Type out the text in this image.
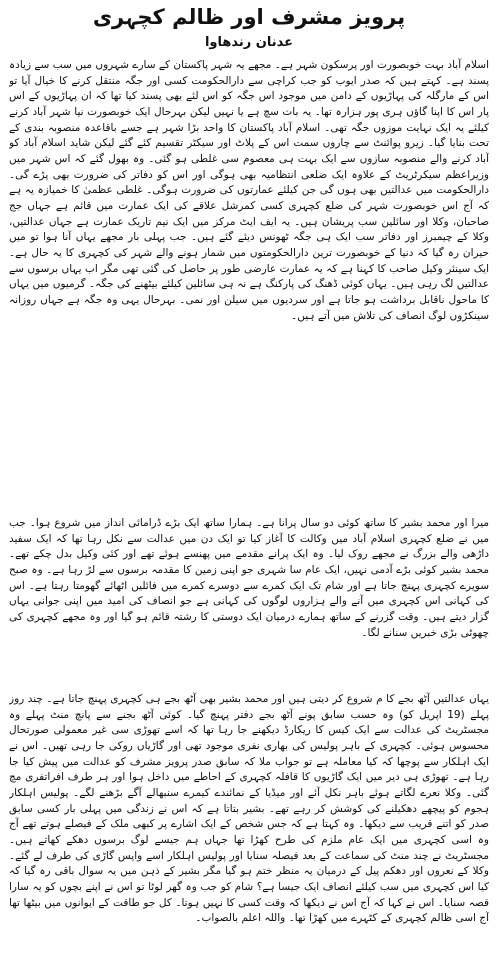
پرویز مشرف اور ظالم کچہری
عدنان رندھاوا

اسلام آباد بہت خوبصورت اور پرسکون شہر ہے۔ مجھے یہ شہر پاکستان کے سارے شہروں میں سب سے زیادہ پسند ہے۔ کہتے ہیں کہ صدر ایوب کو جب کراچی سے دارالحکومت کسی اور جگہ منتقل کرنے کا خیال آیا تو اس کے مارگلہ کی پہاڑیوں کے دامن میں موجود اس جگہ کو اس لئے بھی پسند کیا تھا کہ ان پہاڑیوں کے اس پار اس کا اپنا گاؤں ہری پور ہزارہ تھا۔ یہ بات سچ ہے یا نہیں لیکن بہرحال ایک خوبصورت نیا شہر آباد کرنے کیلئے یہ ایک نہایت موزوں جگہ تھی۔ اسلام آباد پاکستان کا واحد بڑا شہر ہے جسے باقاعدہ منصوبہ بندی کے تحت بنایا گیا۔ زیرو پوائنٹ سے چاروں سمت اس کے پلاٹ اور سیکٹر تقسیم کئے گئے لیکن شاید اسلام آباد کو آباد کرنے والے منصوبہ سازوں سے ایک بہت ہی معصوم سی غلطی ہو گئی۔ وہ بھول گئے کہ اس شہر میں وزیراعظم سیکرٹریٹ کے علاوہ ایک ضلعی انتظامیہ بھی ہوگی اور اس کو دفاتر کی ضرورت بھی پڑے گی۔ دارالحکومت میں عدالتیں بھی ہوں گی جن کیلئے عمارتوں کی ضرورت ہوگی۔ غلطی عظمیٰ کا خمیازہ یہ ہے کہ آج اس خوبصورت شہر کی ضلع کچہری کسی کمرشل علاقے کی ایک عمارت میں قائم ہے جہاں جج صاحبان، وکلا اور سائلین سب پریشان ہیں۔ یہ ایف ایٹ مرکز میں ایک نیم تاریک عمارت ہے جہاں عدالتیں، وکلا کے چیمبرز اور دفاتر سب ایک ہی جگہ ٹھونس دیئے گئے ہیں۔ جب پہلی بار مجھے یہاں آنا ہوا تو میں حیران رہ گیا کہ دنیا کے خوبصورت ترین دارالحکومتوں میں شمار ہونے والے شہر کی کچہری کا یہ حال ہے۔ ایک سینئر وکیل صاحب کا کہنا ہے کہ یہ عمارت عارضی طور پر حاصل کی گئی تھی مگر اب یہاں برسوں سے عدالتیں لگ رہی ہیں۔ یہاں کوئی ڈھنگ کی پارکنگ ہے نہ ہی سائلین کیلئے بیٹھنے کی جگہ۔ گرمیوں میں یہاں کا ماحول ناقابل برداشت ہو جاتا ہے اور سردیوں میں سیلن اور نمی۔ بہرحال یہی وہ جگہ ہے جہاں روزانہ سینکڑوں لوگ انصاف کی تلاش میں آتے ہیں۔

میرا اور محمد بشیر کا ساتھ کوئی دو سال پرانا ہے۔ ہمارا ساتھ ایک بڑے ڈرامائی انداز میں شروع ہوا۔ جب میں نے ضلع کچہری اسلام آباد میں وکالت کا آغاز کیا تو ایک دن میں عدالت سے نکل رہا تھا کہ ایک سفید داڑھی والے بزرگ نے مجھے روک لیا۔ وہ ایک پرانے مقدمے میں پھنسے ہوئے تھے اور کئی وکیل بدل چکے تھے۔ محمد بشیر کوئی بڑے آدمی نہیں، ایک عام سا شہری جو اپنی زمین کا مقدمہ برسوں سے لڑ رہا ہے۔ وہ صبح سویرے کچہری پہنچ جاتا ہے اور شام تک ایک کمرے سے دوسرے کمرے میں فائلیں اٹھائے گھومتا رہتا ہے۔ اس کی کہانی اس کچہری میں آنے والے ہزاروں لوگوں کی کہانی ہے جو انصاف کی امید میں اپنی جوانی یہاں گزار دیتے ہیں۔ وقت گزرنے کے ساتھ ہمارے درمیان ایک دوستی کا رشتہ قائم ہو گیا اور وہ مجھے کچہری کی چھوٹی بڑی خبریں سنانے لگا۔

یہاں عدالتیں آٹھ بجے کا م شروع کر دیتی ہیں اور محمد بشیر بھی آٹھ بجے ہی کچہری پہنچ جاتا ہے۔ چند روز پہلے (19 اپریل کو) وہ حسب سابق پونے آٹھ بجے دفتر پہنچ گیا۔ کوئی آٹھ بجنے سے پانچ منٹ پہلے وہ مجسٹریٹ کی عدالت سے ایک کیس کا ریکارڈ دیکھنے جا رہا تھا کہ اسے تھوڑی سی غیر معمولی صورتحال محسوس ہوئی۔ کچہری کے باہر پولیس کی بھاری نفری موجود تھی اور گاڑیاں روکی جا رہی تھیں۔ اس نے ایک اہلکار سے پوچھا کہ کیا معاملہ ہے تو جواب ملا کہ سابق صدر پرویز مشرف کو عدالت میں پیش کیا جا رہا ہے۔ تھوڑی ہی دیر میں ایک گاڑیوں کا قافلہ کچہری کے احاطے میں داخل ہوا اور ہر طرف افراتفری مچ گئی۔ وکلا نعرے لگاتے ہوئے باہر نکل آئے اور میڈیا کے نمائندے کیمرے سنبھالے آگے بڑھنے لگے۔ پولیس اہلکار ہجوم کو پیچھے دھکیلنے کی کوشش کر رہے تھے۔ بشیر بتاتا ہے کہ اس نے زندگی میں پہلی بار کسی سابق صدر کو اتنے قریب سے دیکھا۔ وہ کہتا ہے کہ جس شخص کے ایک اشارے پر کبھی ملک کے فیصلے ہوتے تھے آج وہ اسی کچہری میں ایک عام ملزم کی طرح کھڑا تھا جہاں ہم جیسے لوگ برسوں دھکے کھاتے ہیں۔ مجسٹریٹ نے چند منٹ کی سماعت کے بعد فیصلہ سنایا اور پولیس اہلکار اسے واپس گاڑی کی طرف لے گئے۔ وکلا کے نعروں اور دھکم پیل کے درمیان یہ منظر ختم ہو گیا مگر بشیر کے ذہن میں یہ سوال باقی رہ گیا کہ کیا اس کچہری میں سب کیلئے انصاف ایک جیسا ہے؟ شام کو جب وہ گھر لوٹا تو اس نے اپنے بچوں کو یہ سارا قصہ سنایا۔ اس نے کہا کہ آج اس نے دیکھا کہ وقت کسی کا نہیں ہوتا۔ کل جو طاقت کے ایوانوں میں بیٹھا تھا آج اسی ظالم کچہری کے کٹہرے میں کھڑا تھا۔ واللہ اعلم بالصواب۔
